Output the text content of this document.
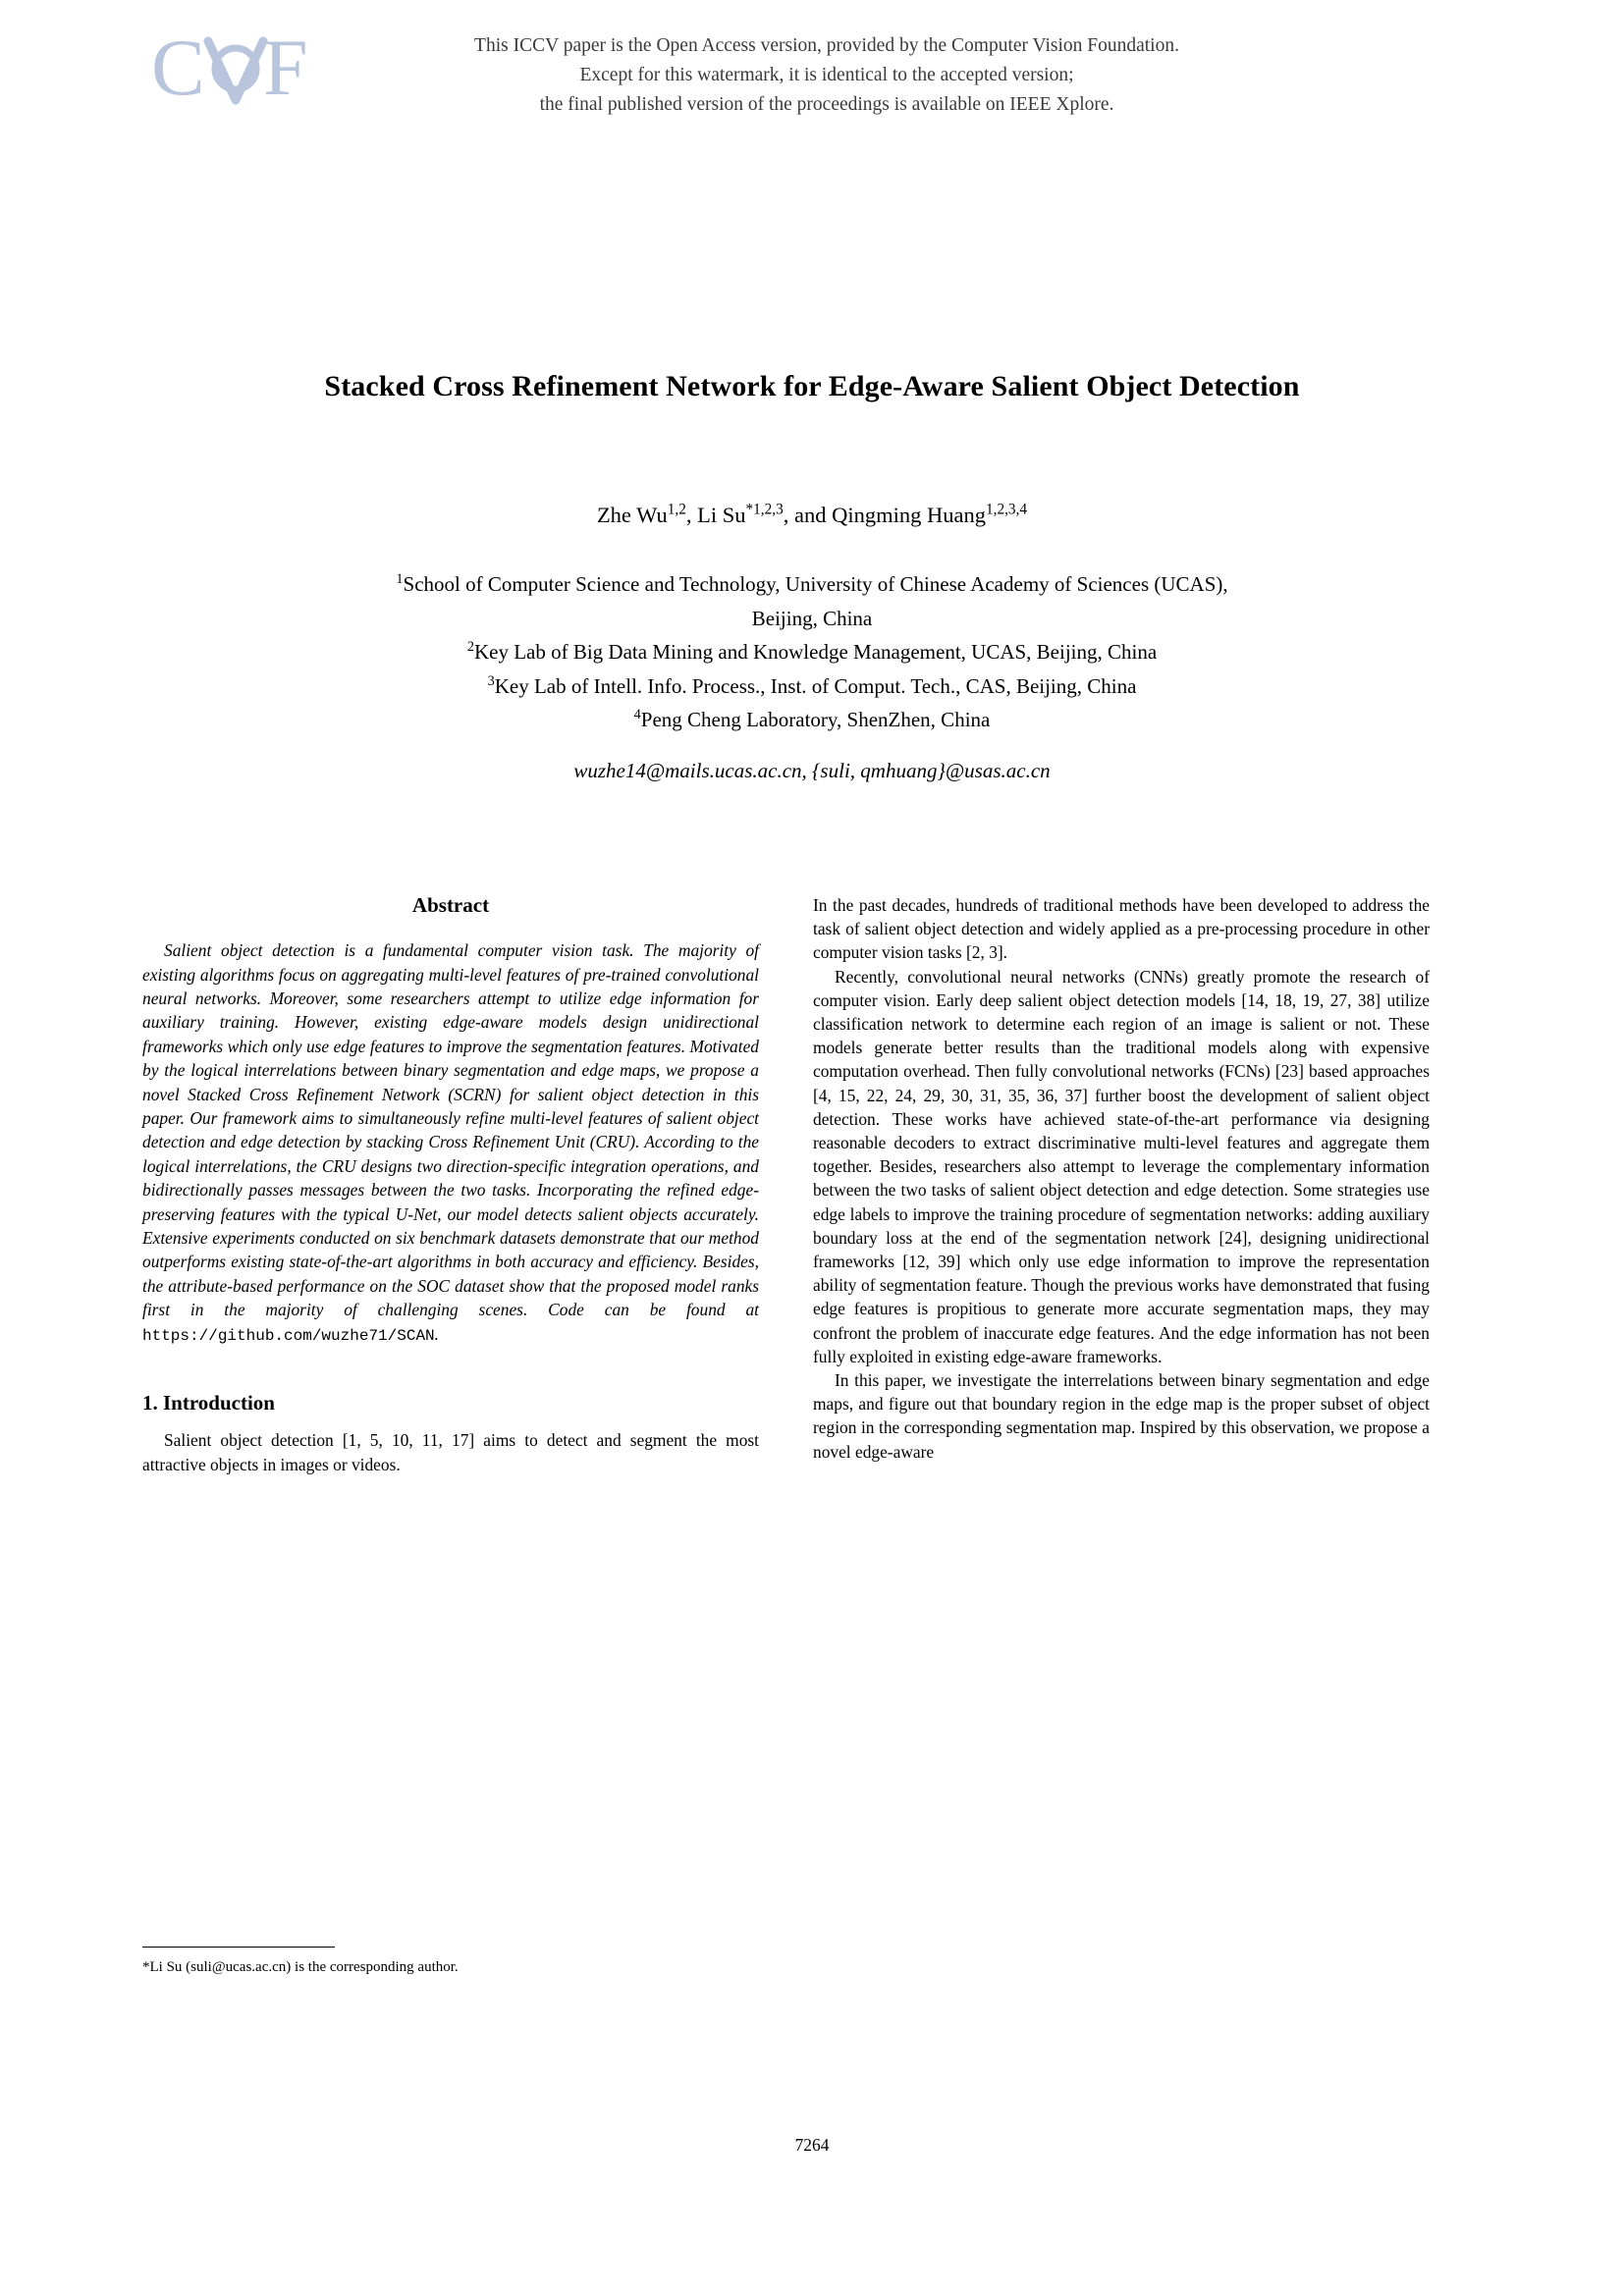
C F	This ICCV paper is the Open Access version, provided by the Computer Vision Foundation.
Except for this watermark, it is identical to the accepted version;
the final published version of the proceedings is available on IEEE Xplore.
Stacked Cross Refinement Network for Edge-Aware Salient Object Detection
Zhe Wu$^{1,2}$, Li Su$^{*1,2,3}$, and Qingming Huang$^{1,2,3,4}$
$^1$School of Computer Science and Technology, University of Chinese Academy of Sciences (UCAS),
Beijing, China
$^2$Key Lab of Big Data Mining and Knowledge Management, UCAS, Beijing, China
$^3$Key Lab of Intell. Info. Process., Inst. of Comput. Tech., CAS, Beijing, China
$^4$Peng Cheng Laboratory, ShenZhen, China
wuzhe14@mails.ucas.ac.cn, {suli, qmhuang}@usas.ac.cn
Abstract
Salient object detection is a fundamental computer vision task. The majority of existing algorithms focus on aggregating multi-level features of pre-trained convolutional neural networks. Moreover, some researchers attempt to utilize edge information for auxiliary training. However, existing edge-aware models design unidirectional frameworks which only use edge features to improve the segmentation features. Motivated by the logical interrelations between binary segmentation and edge maps, we propose a novel Stacked Cross Refinement Network (SCRN) for salient object detection in this paper. Our framework aims to simultaneously refine multi-level features of salient object detection and edge detection by stacking Cross Refinement Unit (CRU). According to the logical interrelations, the CRU designs two direction-specific integration operations, and bidirectionally passes messages between the two tasks. Incorporating the refined edge-preserving features with the typical U-Net, our model detects salient objects accurately. Extensive experiments conducted on six benchmark datasets demonstrate that our method outperforms existing state-of-the-art algorithms in both accuracy and efficiency. Besides, the attribute-based performance on the SOC dataset show that the proposed model ranks first in the majority of challenging scenes. Code can be found at https://github.com/wuzhe71/SCAN.
1. Introduction

Salient object detection [1, 5, 10, 11, 17] aims to detect and segment the most attractive objects in images or videos.

In the past decades, hundreds of traditional methods have been developed to address the task of salient object detection and widely applied as a pre-processing procedure in other computer vision tasks [2, 3].

Recently, convolutional neural networks (CNNs) greatly promote the research of computer vision. Early deep salient object detection models [14, 18, 19, 27, 38] utilize classification network to determine each region of an image is salient or not. These models generate better results than the traditional models along with expensive computation overhead. Then fully convolutional networks (FCNs) [23] based approaches [4, 15, 22, 24, 29, 30, 31, 35, 36, 37] further boost the development of salient object detection. These works have achieved state-of-the-art performance via designing reasonable decoders to extract discriminative multi-level features and aggregate them together. Besides, researchers also attempt to leverage the complementary information between the two tasks of salient object detection and edge detection. Some strategies use edge labels to improve the training procedure of segmentation networks: adding auxiliary boundary loss at the end of the segmentation network [24], designing unidirectional frameworks [12, 39] which only use edge information to improve the representation ability of segmentation feature. Though the previous works have demonstrated that fusing edge features is propitious to generate more accurate segmentation maps, they may confront the problem of inaccurate edge features. And the edge information has not been fully exploited in existing edge-aware frameworks.

In this paper, we investigate the interrelations between binary segmentation and edge maps, and figure out that boundary region in the edge map is the proper subset of object region in the corresponding segmentation map. Inspired by this observation, we propose a novel edge-aware

*Li Su (suli@ucas.ac.cn) is the corresponding author.
7264
